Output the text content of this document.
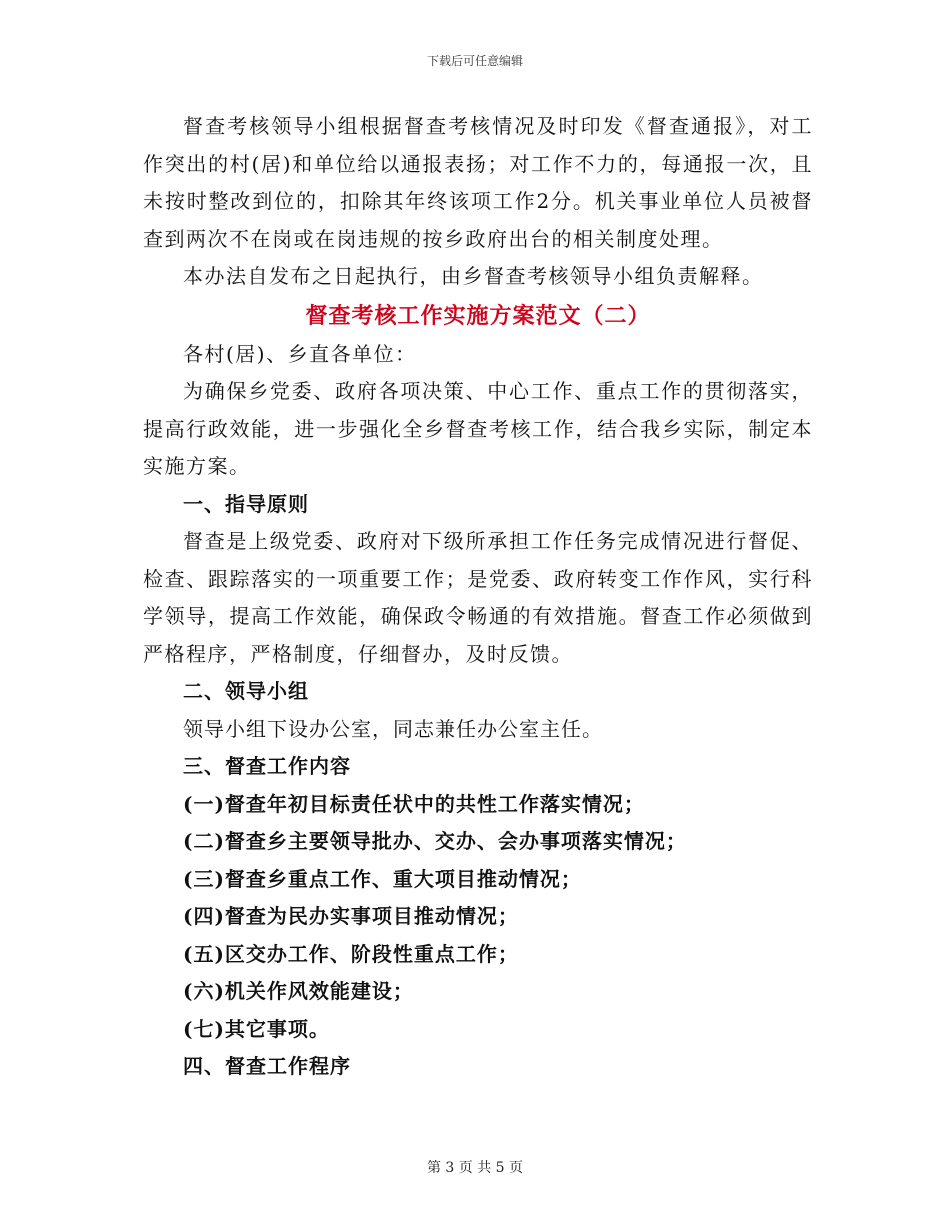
下载后可任意编辑

督查考核领导小组根据督查考核情况及时印发《督查通报》，对工作突出的村(居)和单位给以通报表扬；对工作不力的，每通报一次，且未按时整改到位的，扣除其年终该项工作2分。机关事业单位人员被督查到两次不在岗或在岗违规的按乡政府出台的相关制度处理。

本办法自发布之日起执行，由乡督查考核领导小组负责解释。

督查考核工作实施方案范文（二）

各村(居)、乡直各单位：

为确保乡党委、政府各项决策、中心工作、重点工作的贯彻落实，提高行政效能，进一步强化全乡督查考核工作，结合我乡实际，制定本实施方案。

一、指导原则

督查是上级党委、政府对下级所承担工作任务完成情况进行督促、检查、跟踪落实的一项重要工作；是党委、政府转变工作作风，实行科学领导，提高工作效能，确保政令畅通的有效措施。督查工作必须做到严格程序，严格制度，仔细督办，及时反馈。

二、领导小组

领导小组下设办公室，同志兼任办公室主任。

三、督查工作内容

(一)督查年初目标责任状中的共性工作落实情况；

(二)督查乡主要领导批办、交办、会办事项落实情况；

(三)督查乡重点工作、重大项目推动情况；

(四)督查为民办实事项目推动情况；

(五)区交办工作、阶段性重点工作；

(六)机关作风效能建设；

(七)其它事项。

四、督查工作程序

第 3 页 共 5 页
